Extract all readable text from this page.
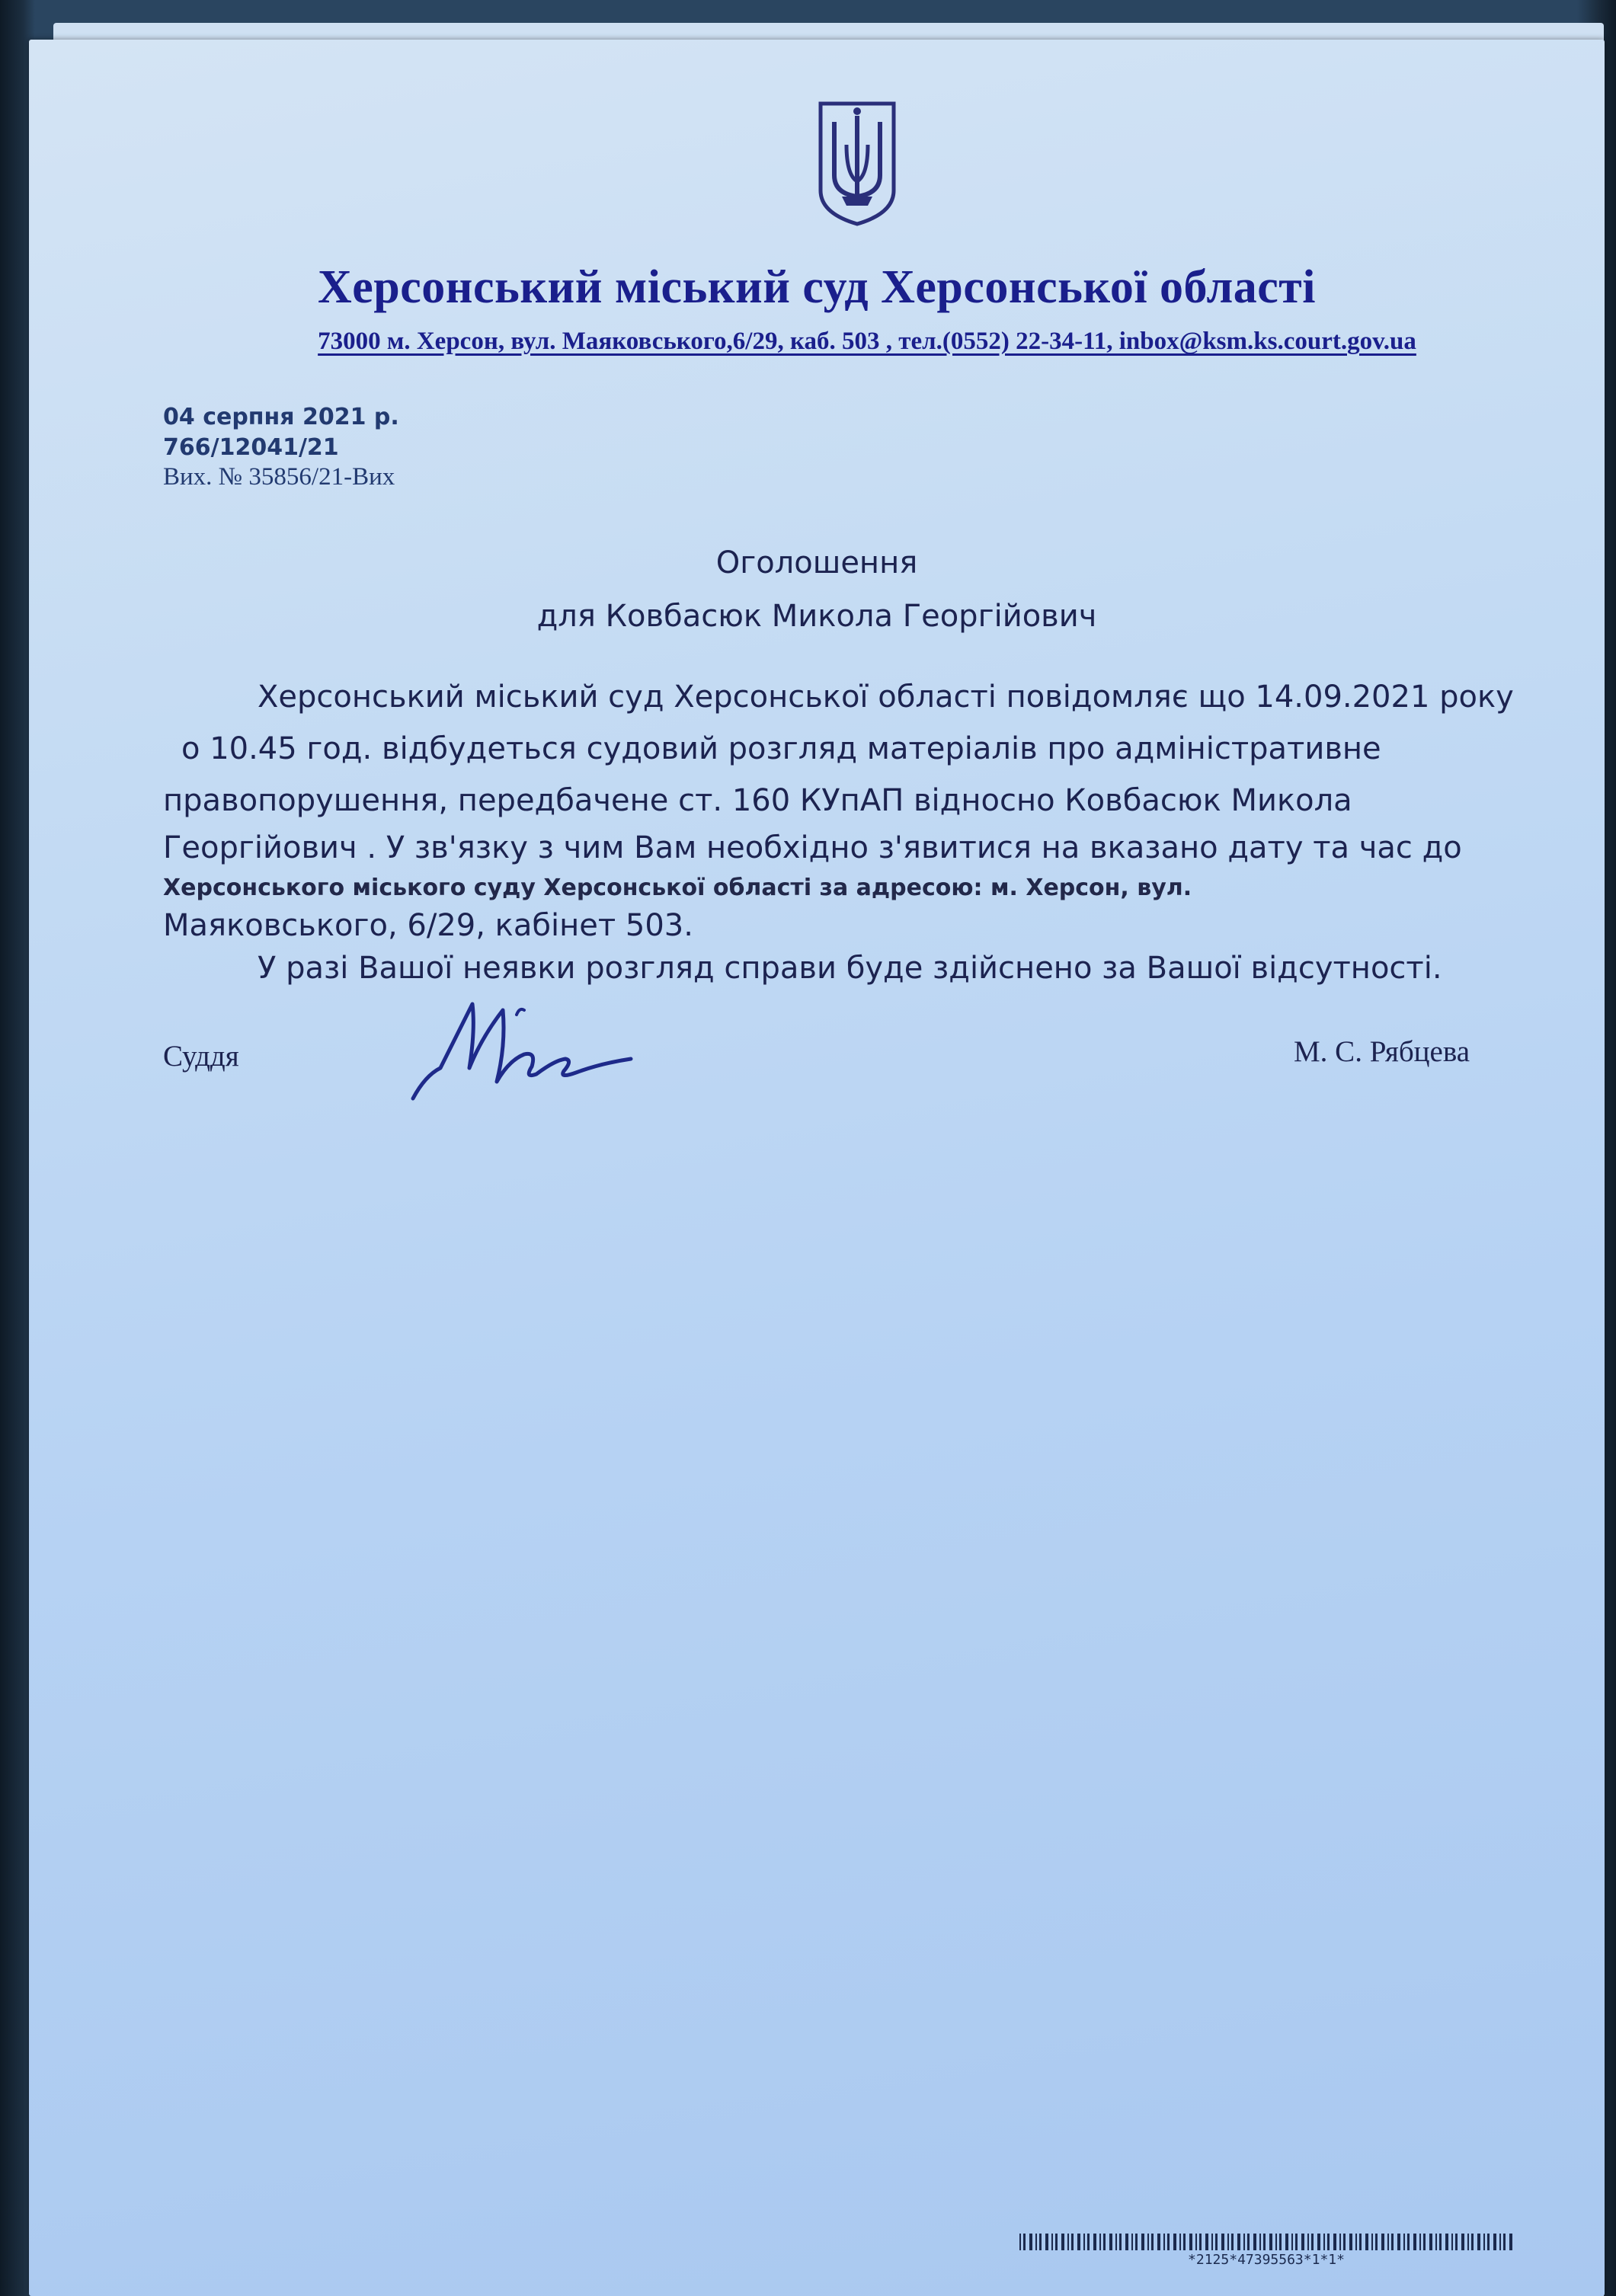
Херсонський міський суд Херсонської області
73000 м. Херсон, вул. Маяковського,6/29, каб. 503 , тел.(0552) 22-34-11, inbox@ksm.ks.court.gov.ua
04 серпня 2021 р.
766/12041/21
Вих. № 35856/21-Вих
Оголошення
для Ковбасюк Микола Георгійович
Херсонський міський суд Херсонської області повідомляє що 14.09.2021 року
о 10.45 год. відбудеться судовий розгляд матеріалів про адміністративне
правопорушення, передбачене ст. 160 КУпАП відносно Ковбасюк Микола
Георгійович . У зв'язку з чим Вам необхідно з'явитися на вказано дату та час до
Херсонського міського суду Херсонської області за адресою: м. Херсон, вул.
Маяковського, 6/29, кабінет 503.
У разі Вашої неявки розгляд справи буде здійснено за Вашої відсутності.
Суддя	М. С. Рябцева
*2125*47395563*1*1*
